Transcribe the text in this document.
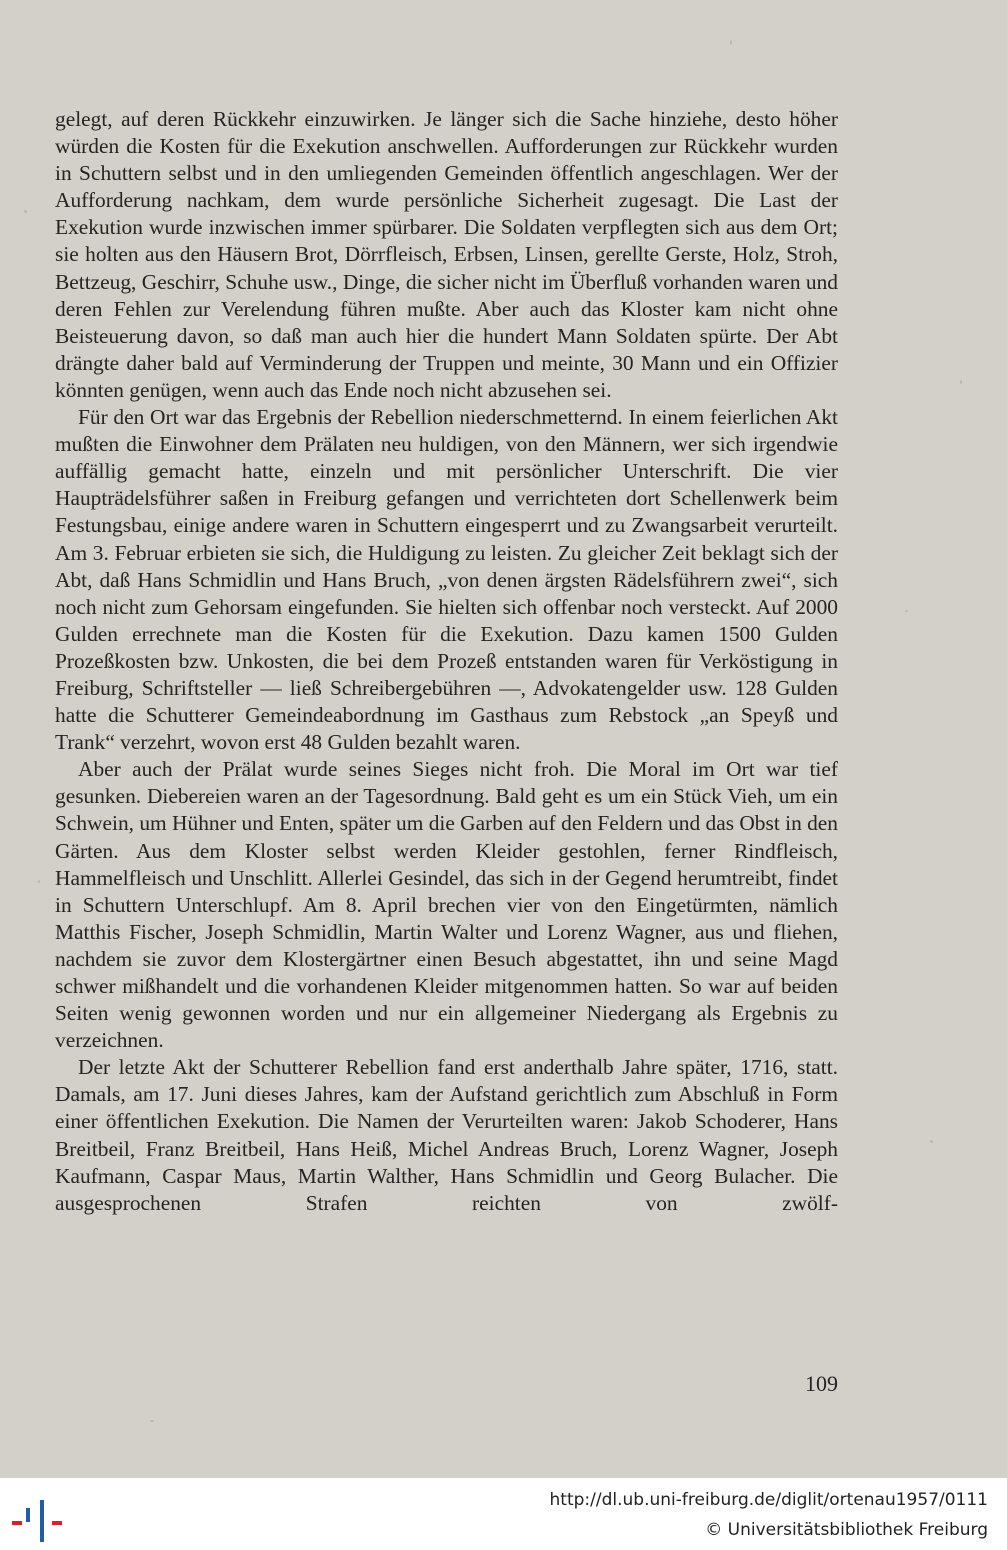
gelegt, auf deren Rückkehr einzuwirken. Je länger sich die Sache hinziehe, desto höher würden die Kosten für die Exekution anschwellen. Aufforderungen zur Rückkehr wurden in Schuttern selbst und in den umliegenden Gemeinden öffentlich angeschlagen. Wer der Aufforderung nachkam, dem wurde persönliche Sicherheit zugesagt. Die Last der Exekution wurde inzwischen immer spürbarer. Die Soldaten verpflegten sich aus dem Ort; sie holten aus den Häusern Brot, Dörrfleisch, Erbsen, Linsen, gerellte Gerste, Holz, Stroh, Bettzeug, Geschirr, Schuhe usw., Dinge, die sicher nicht im Überfluß vorhanden waren und deren Fehlen zur Verelendung führen mußte. Aber auch das Kloster kam nicht ohne Beisteuerung davon, so daß man auch hier die hundert Mann Soldaten spürte. Der Abt drängte daher bald auf Verminderung der Truppen und meinte, 30 Mann und ein Offizier könnten genügen, wenn auch das Ende noch nicht abzusehen sei.

Für den Ort war das Ergebnis der Rebellion niederschmetternd. In einem feierlichen Akt mußten die Einwohner dem Prälaten neu huldigen, von den Männern, wer sich irgendwie auffällig gemacht hatte, einzeln und mit persönlicher Unterschrift. Die vier Haupträdelsführer saßen in Freiburg gefangen und verrichteten dort Schellenwerk beim Festungsbau, einige andere waren in Schuttern eingesperrt und zu Zwangsarbeit verurteilt. Am 3. Februar erbieten sie sich, die Huldigung zu leisten. Zu gleicher Zeit beklagt sich der Abt, daß Hans Schmidlin und Hans Bruch, „von denen ärgsten Rädelsführern zwei“, sich noch nicht zum Gehorsam eingefunden. Sie hielten sich offenbar noch versteckt. Auf 2000 Gulden errechnete man die Kosten für die Exekution. Dazu kamen 1500 Gulden Prozeßkosten bzw. Unkosten, die bei dem Prozeß entstanden waren für Verköstigung in Freiburg, Schriftsteller — ließ Schreibergebühren —, Advokatengelder usw. 128 Gulden hatte die Schutterer Gemeindeabordnung im Gasthaus zum Rebstock „an Speyß und Trank“ verzehrt, wovon erst 48 Gulden bezahlt waren.

Aber auch der Prälat wurde seines Sieges nicht froh. Die Moral im Ort war tief gesunken. Diebereien waren an der Tagesordnung. Bald geht es um ein Stück Vieh, um ein Schwein, um Hühner und Enten, später um die Garben auf den Feldern und das Obst in den Gärten. Aus dem Kloster selbst werden Kleider gestohlen, ferner Rindfleisch, Hammelfleisch und Unschlitt. Allerlei Gesindel, das sich in der Gegend herumtreibt, findet in Schuttern Unterschlupf. Am 8. April brechen vier von den Eingetürmten, nämlich Matthis Fischer, Joseph Schmidlin, Martin Walter und Lorenz Wagner, aus und fliehen, nachdem sie zuvor dem Klostergärtner einen Besuch abgestattet, ihn und seine Magd schwer mißhandelt und die vorhandenen Kleider mitgenommen hatten. So war auf beiden Seiten wenig gewonnen worden und nur ein allgemeiner Niedergang als Ergebnis zu verzeichnen.

Der letzte Akt der Schutterer Rebellion fand erst anderthalb Jahre später, 1716, statt. Damals, am 17. Juni dieses Jahres, kam der Aufstand gerichtlich zum Abschluß in Form einer öffentlichen Exekution. Die Namen der Verurteilten waren: Jakob Schoderer, Hans Breitbeil, Franz Breitbeil, Hans Heiß, Michel Andreas Bruch, Lorenz Wagner, Joseph Kaufmann, Caspar Maus, Martin Walther, Hans Schmidlin und Georg Bulacher. Die ausgesprochenen Strafen reichten von zwölf-

109
http://dl.ub.uni-freiburg.de/diglit/ortenau1957/0111
© Universitätsbibliothek Freiburg
